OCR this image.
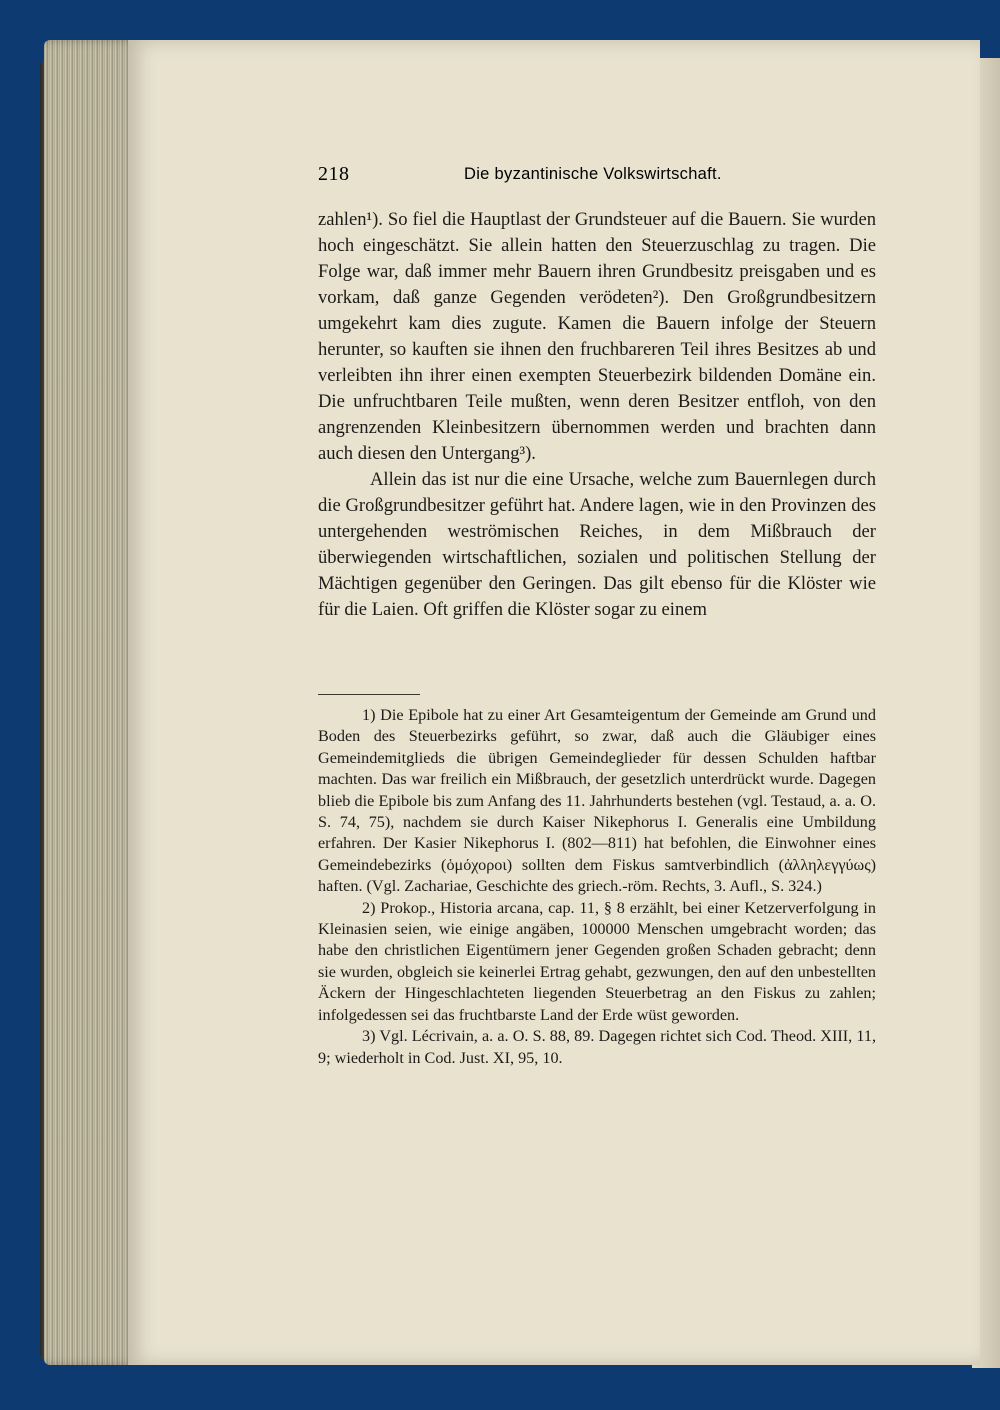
218	Die byzantinische Volkswirtschaft.

zahlen¹). So fiel die Hauptlast der Grundsteuer auf die Bauern. Sie wurden hoch eingeschätzt. Sie allein hatten den Steuerzuschlag zu tragen. Die Folge war, daß immer mehr Bauern ihren Grundbesitz preisgaben und es vorkam, daß ganze Gegenden verödeten²). Den Großgrundbesitzern umgekehrt kam dies zugute. Kamen die Bauern infolge der Steuern herunter, so kauften sie ihnen den fruchbareren Teil ihres Besitzes ab und verleibten ihn ihrer einen exempten Steuerbezirk bildenden Domäne ein. Die unfruchtbaren Teile mußten, wenn deren Besitzer entfloh, von den angrenzenden Kleinbesitzern übernommen werden und brachten dann auch diesen den Untergang³).

Allein das ist nur die eine Ursache, welche zum Bauernlegen durch die Großgrundbesitzer geführt hat. Andere lagen, wie in den Provinzen des untergehenden weströmischen Reiches, in dem Mißbrauch der überwiegenden wirtschaftlichen, sozialen und politischen Stellung der Mächtigen gegenüber den Geringen. Das gilt ebenso für die Klöster wie für die Laien. Oft griffen die Klöster sogar zu einem

1) Die Epibole hat zu einer Art Gesamteigentum der Gemeinde am Grund und Boden des Steuerbezirks geführt, so zwar, daß auch die Gläubiger eines Gemeindemitglieds die übrigen Gemeindeglieder für dessen Schulden haftbar machten. Das war freilich ein Mißbrauch, der gesetzlich unterdrückt wurde. Dagegen blieb die Epibole bis zum Anfang des 11. Jahrhunderts bestehen (vgl. Testaud, a. a. O. S. 74, 75), nachdem sie durch Kaiser Nikephorus I. Generalis eine Umbildung erfahren. Der Kasier Nikephorus I. (802—811) hat befohlen, die Einwohner eines Gemeindebezirks (ὁμόχοροι) sollten dem Fiskus samtverbindlich (ἀλληλεγγύως) haften. (Vgl. Zachariae, Geschichte des griech.-röm. Rechts, 3. Aufl., S. 324.)

2) Prokop., Historia arcana, cap. 11, § 8 erzählt, bei einer Ketzerverfolgung in Kleinasien seien, wie einige angäben, 100000 Menschen umgebracht worden; das habe den christlichen Eigentümern jener Gegenden großen Schaden gebracht; denn sie wurden, obgleich sie keinerlei Ertrag gehabt, gezwungen, den auf den unbestellten Äckern der Hingeschlachteten liegenden Steuerbetrag an den Fiskus zu zahlen; infolgedessen sei das fruchtbarste Land der Erde wüst geworden.

3) Vgl. Lécrivain, a. a. O. S. 88, 89. Dagegen richtet sich Cod. Theod. XIII, 11, 9; wiederholt in Cod. Just. XI, 95, 10.
